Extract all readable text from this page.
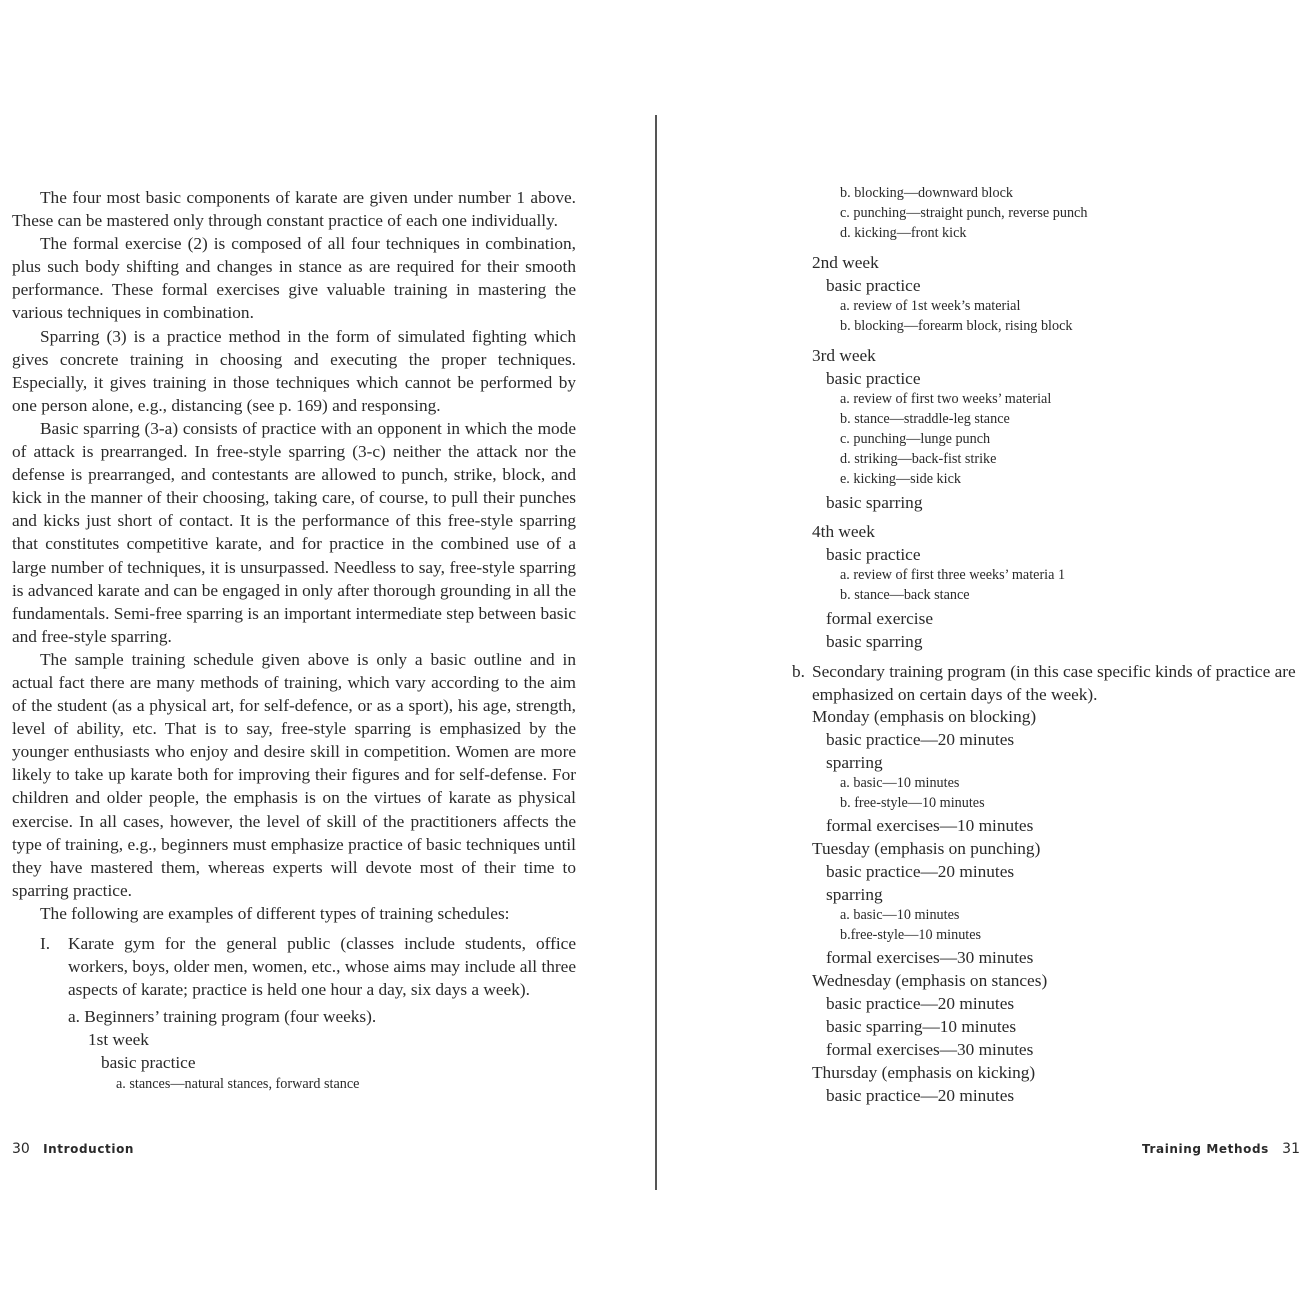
The four most basic components of karate are given under number 1 above. These can be mastered only through constant practice of each one individually.

The formal exercise (2) is composed of all four techniques in combination, plus such body shifting and changes in stance as are required for their smooth performance. These formal exercises give valuable training in mastering the various techniques in combination.

Sparring (3) is a practice method in the form of simulated fighting which gives concrete training in choosing and executing the proper techniques. Especially, it gives training in those techniques which cannot be performed by one person alone, e.g., distancing (see p. 169) and responsing.

Basic sparring (3-a) consists of practice with an opponent in which the mode of attack is prearranged. In free-style sparring (3-c) neither the attack nor the defense is prearranged, and contestants are allowed to punch, strike, block, and kick in the manner of their choosing, taking care, of course, to pull their punches and kicks just short of contact. It is the performance of this free-style sparring that constitutes competitive karate, and for practice in the combined use of a large number of techniques, it is unsurpassed. Needless to say, free-style sparring is advanced karate and can be engaged in only after thorough grounding in all the fundamentals. Semi-free sparring is an important intermediate step between basic and free-style sparring.

The sample training schedule given above is only a basic outline and in actual fact there are many methods of training, which vary according to the aim of the student (as a physical art, for self-defence, or as a sport), his age, strength, level of ability, etc. That is to say, free-style sparring is emphasized by the younger enthusiasts who enjoy and desire skill in competition. Women are more likely to take up karate both for improving their figures and for self-defense. For children and older people, the emphasis is on the virtues of karate as physical exercise. In all cases, however, the level of skill of the practitioners affects the type of training, e.g., beginners must emphasize practice of basic techniques until they have mastered them, whereas experts will devote most of their time to sparring practice.

The following are examples of different types of training schedules:

I. Karate gym for the general public (classes include students, office workers, boys, older men, women, etc., whose aims may include all three aspects of karate; practice is held one hour a day, six days a week).
a. Beginners’ training program (four weeks).
1st week
basic practice
a. stances—natural stances, forward stance
30 Introduction
b. blocking—downward block
c. punching—straight punch, reverse punch
d. kicking—front kick
2nd week
basic practice
a. review of 1st week’s material
b. blocking—forearm block, rising block
3rd week
basic practice
a. review of first two weeks’ material
b. stance—straddle-leg stance
c. punching—lunge punch
d. striking—back-fist strike
e. kicking—side kick
basic sparring
4th week
basic practice
a. review of first three weeks’ materia 1
b. stance—back stance
formal exercise
basic sparring
b. Secondary training program (in this case specific kinds of practice are emphasized on certain days of the week).
Monday (emphasis on blocking)
basic practice—20 minutes
sparring
a. basic—10 minutes
b. free-style—10 minutes
formal exercises—10 minutes
Tuesday (emphasis on punching)
basic practice—20 minutes
sparring
a. basic—10 minutes
b.free-style—10 minutes
formal exercises—30 minutes
Wednesday (emphasis on stances)
basic practice—20 minutes
basic sparring—10 minutes
formal exercises—30 minutes
Thursday (emphasis on kicking)
basic practice—20 minutes
Training Methods 31
